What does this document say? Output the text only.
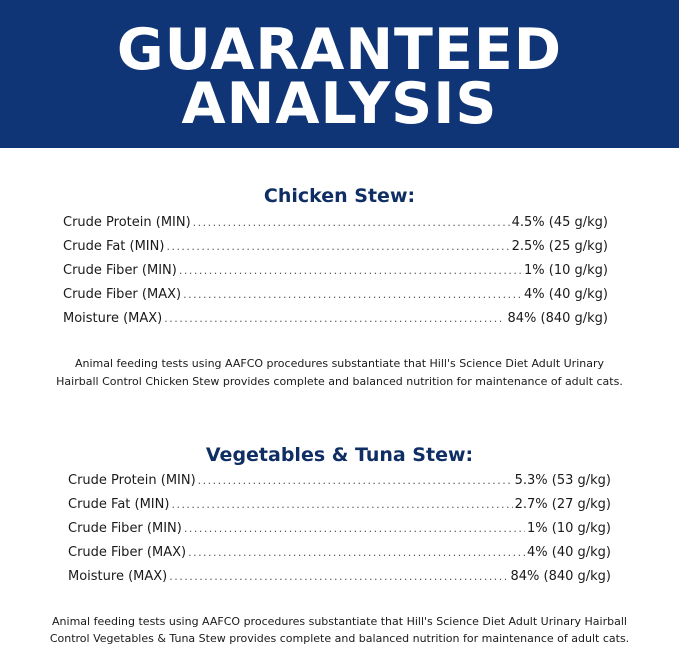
GUARANTEED
ANALYSIS
Chicken Stew:
Crude Protein (MIN) . . .	4.5% (45 g/kg)
Crude Fat (MIN) . . .	2.5% (25 g/kg)
Crude Fiber (MIN) . . .	1% (10 g/kg)
Crude Fiber (MAX) . . .	4% (40 g/kg)
Moisture (MAX) . . .	84% (840 g/kg)

Animal feeding tests using AAFCO procedures substantiate that Hill's Science Diet Adult Urinary

Hairball Control Chicken Stew provides complete and balanced nutrition for maintenance of adult cats.

Vegetables & Tuna Stew:
Crude Protein (MIN) . . .	5.3% (53 g/kg)
Crude Fat (MIN) . . .	2.7% (27 g/kg)
Crude Fiber (MIN) . . .	1% (10 g/kg)
Crude Fiber (MAX) . . .	4% (40 g/kg)
Moisture (MAX) . . .	84% (840 g/kg)

Animal feeding tests using AAFCO procedures substantiate that Hill's Science Diet Adult Urinary Hairball

Control Vegetables & Tuna Stew provides complete and balanced nutrition for maintenance of adult cats.
